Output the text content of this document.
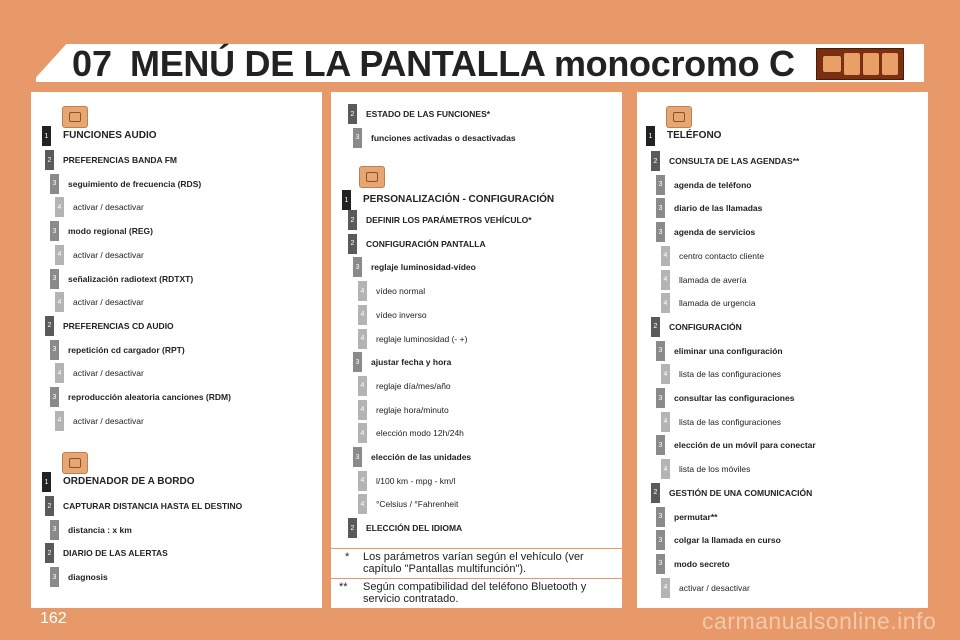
07 MENÚ DE LA PANTALLA monocromo C
1 FUNCIONES AUDIO
2 PREFERENCIAS BANDA FM
3 seguimiento de frecuencia (RDS)
4 activar / desactivar
3 modo regional (REG)
4 activar / desactivar
3 señalización radiotext (RDTXT)
4 activar / desactivar
2 PREFERENCIAS CD AUDIO
3 repetición cd cargador (RPT)
4 activar / desactivar
3 reproducción aleatoria canciones (RDM)
4 activar / desactivar
1 ORDENADOR DE A BORDO
2 CAPTURAR DISTANCIA HASTA EL DESTINO
3 distancia : x km
2 DIARIO DE LAS ALERTAS
3 diagnosis
2 ESTADO DE LAS FUNCIONES*
3 funciones activadas o desactivadas
1 PERSONALIZACIÓN - CONFIGURACIÓN
2 DEFINIR LOS PARÁMETROS VEHÍCULO*
2 CONFIGURACIÓN PANTALLA
3 reglaje luminosidad-vídeo
4 vídeo normal
4 vídeo inverso
4 reglaje luminosidad (- +)
3 ajustar fecha y hora
4 reglaje día/mes/año
4 reglaje hora/minuto
4 elección modo 12h/24h
3 elección de las unidades
4 l/100 km - mpg - km/l
4 °Celsius / °Fahrenheit
2 ELECCIÓN DEL IDIOMA
* Los parámetros varían según el vehículo (ver capítulo "Pantallas multifunción").
** Según compatibilidad del teléfono Bluetooth y servicio contratado.
1 TELÉFONO
2 CONSULTA DE LAS AGENDAS**
3 agenda de teléfono
3 diario de las llamadas
3 agenda de servicios
4 centro contacto cliente
4 llamada de avería
4 llamada de urgencia
2 CONFIGURACIÓN
3 eliminar una configuración
4 lista de las configuraciones
3 consultar las configuraciones
4 lista de las configuraciones
3 elección de un móvil para conectar
4 lista de los móviles
2 GESTIÓN DE UNA COMUNICACIÓN
3 permutar**
3 colgar la llamada en curso
3 modo secreto
4 activar / desactivar
162	carmanualsonline.info
